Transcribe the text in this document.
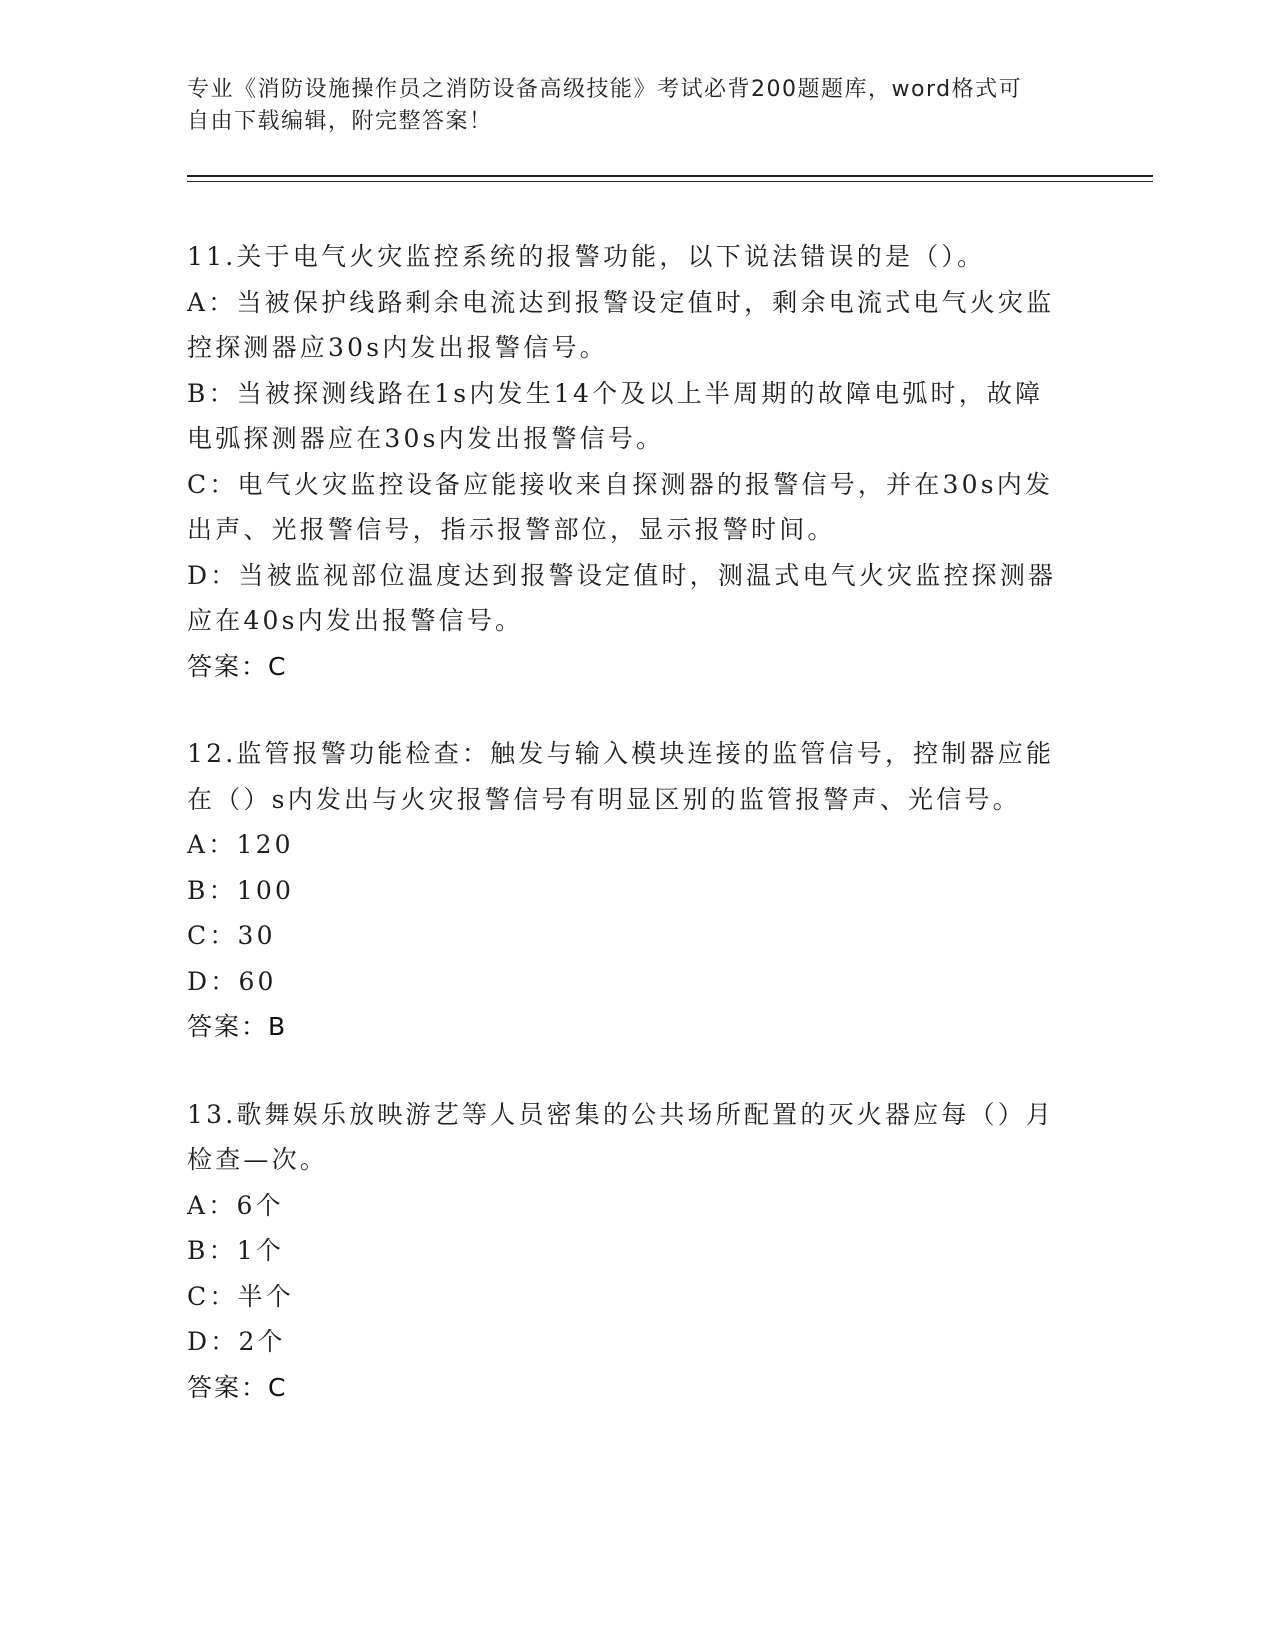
专业《消防设施操作员之消防设备高级技能》考试必背200题题库，word格式可
自由下载编辑，附完整答案！
11.关于电气火灾监控系统的报警功能，以下说法错误的是（）。
A：当被保护线路剩余电流达到报警设定值时，剩余电流式电气火灾监
控探测器应30s内发出报警信号。
B：当被探测线路在1s内发生14个及以上半周期的故障电弧时，故障
电弧探测器应在30s内发出报警信号。
C：电气火灾监控设备应能接收来自探测器的报警信号，并在30s内发
出声、光报警信号，指示报警部位，显示报警时间。
D：当被监视部位温度达到报警设定值时，测温式电气火灾监控探测器
应在40s内发出报警信号。
答案：C
12.监管报警功能检查：触发与输入模块连接的监管信号，控制器应能
在（）s内发出与火灾报警信号有明显区别的监管报警声、光信号。
A：120
B：100
C：30
D：60
答案：B
13.歌舞娱乐放映游艺等人员密集的公共场所配置的灭火器应每（）月
检查—次。
A：6个
B：1个
C：半个
D：2个
答案：C
